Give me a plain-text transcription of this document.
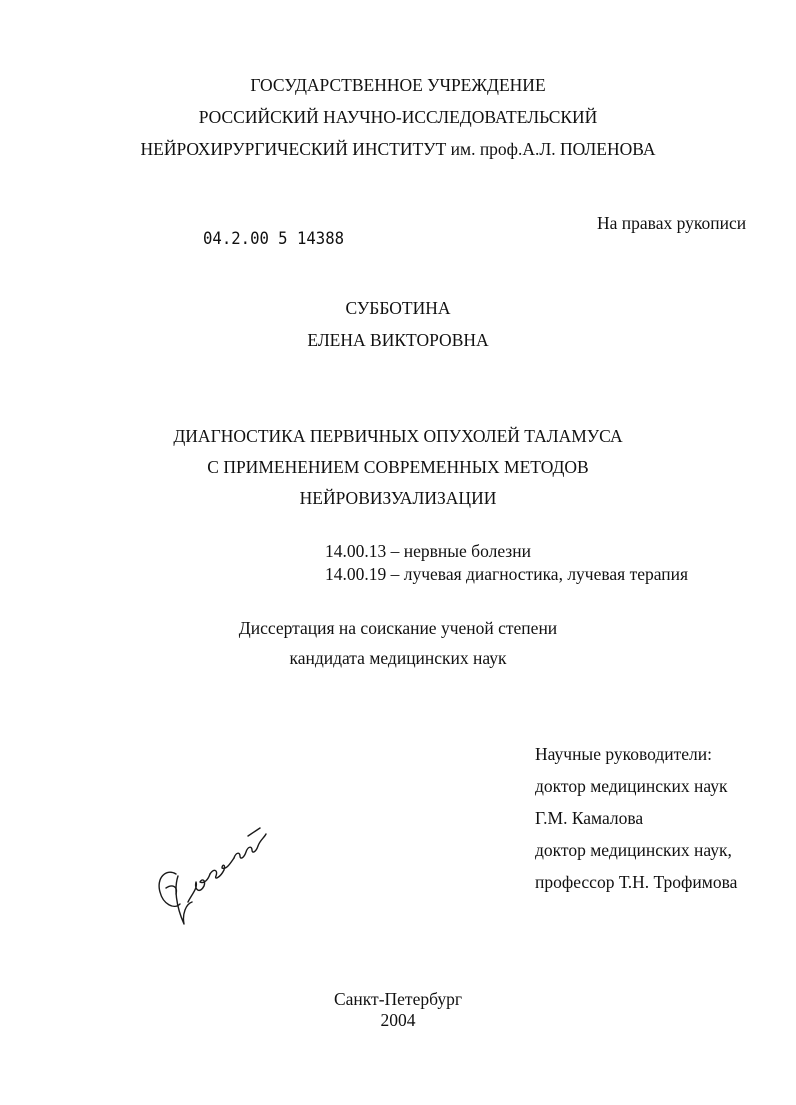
ГОСУДАРСТВЕННОЕ УЧРЕЖДЕНИЕ
РОССИЙСКИЙ НАУЧНО-ИССЛЕДОВАТЕЛЬСКИЙ
НЕЙРОХИРУРГИЧЕСКИЙ ИНСТИТУТ им. проф.А.Л. ПОЛЕНОВА
04.2.00 5 14388
На правах рукописи
СУББОТИНА
ЕЛЕНА ВИКТОРОВНА
ДИАГНОСТИКА ПЕРВИЧНЫХ ОПУХОЛЕЙ ТАЛАМУСА
С ПРИМЕНЕНИЕМ СОВРЕМЕННЫХ МЕТОДОВ
НЕЙРОВИЗУАЛИЗАЦИИ
14.00.13 – нервные болезни
14.00.19 – лучевая диагностика, лучевая терапия
Диссертация на соискание ученой степени
кандидата медицинских наук
Научные руководители:
доктор медицинских наук
Г.М. Камалова
доктор медицинских наук,
профессор Т.Н. Трофимова
Санкт-Петербург
2004
